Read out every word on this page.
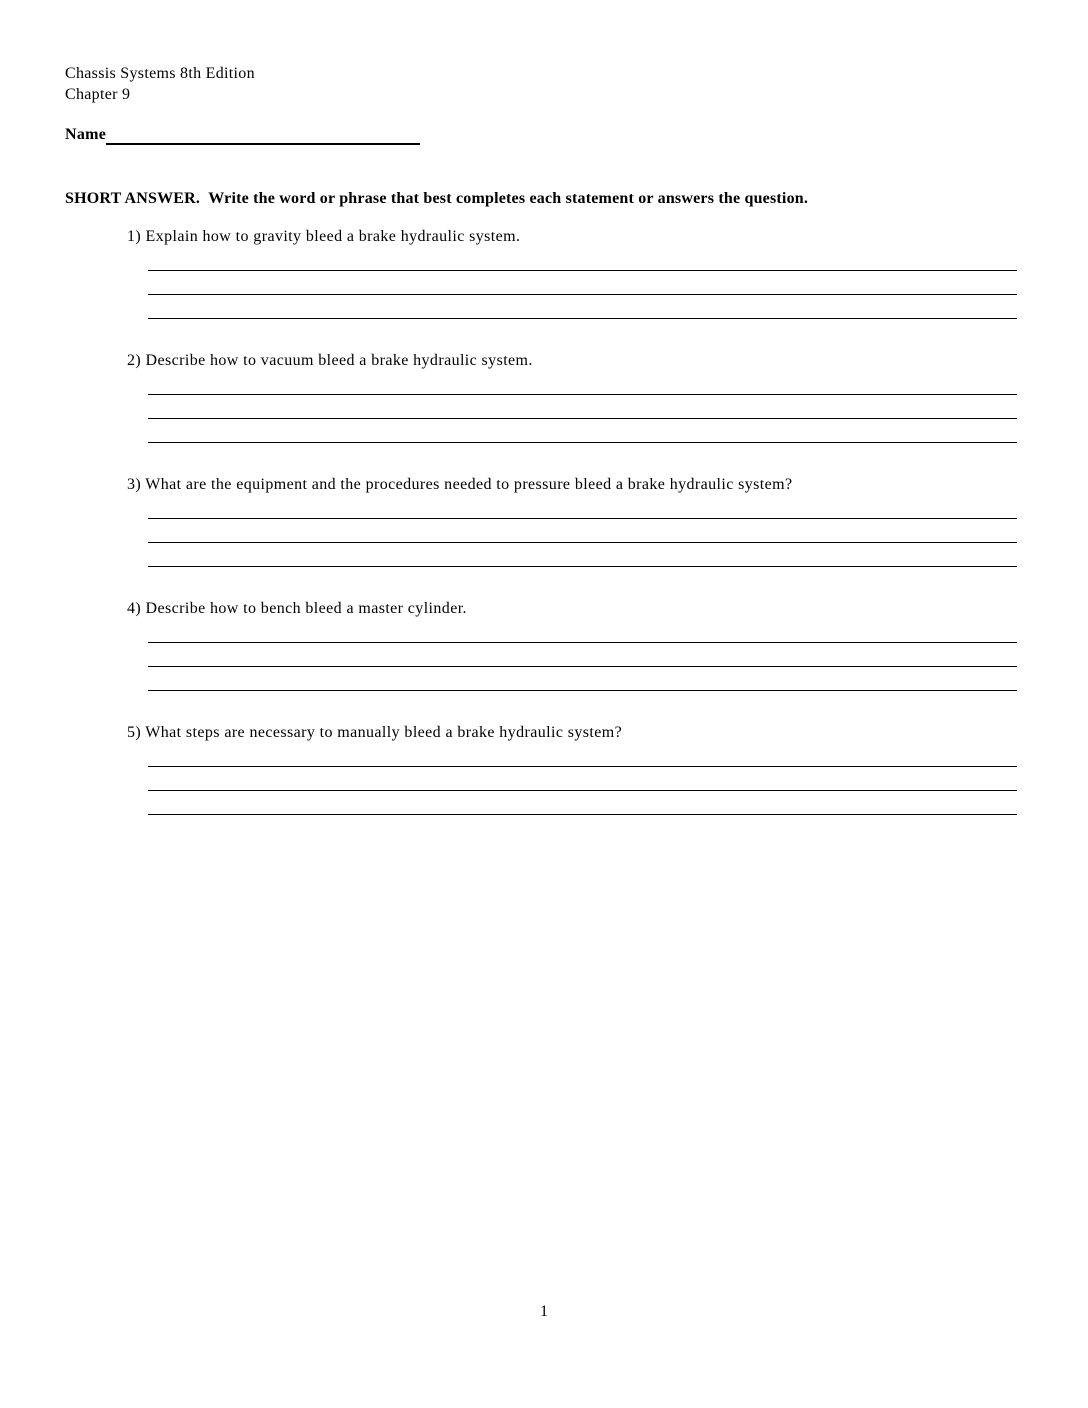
Chassis Systems 8th Edition
Chapter 9
Name
SHORT ANSWER.  Write the word or phrase that best completes each statement or answers the question.
1) Explain how to gravity bleed a brake hydraulic system.
2) Describe how to vacuum bleed a brake hydraulic system.
3) What are the equipment and the procedures needed to pressure bleed a brake hydraulic system?
4) Describe how to bench bleed a master cylinder.
5) What steps are necessary to manually bleed a brake hydraulic system?
1
